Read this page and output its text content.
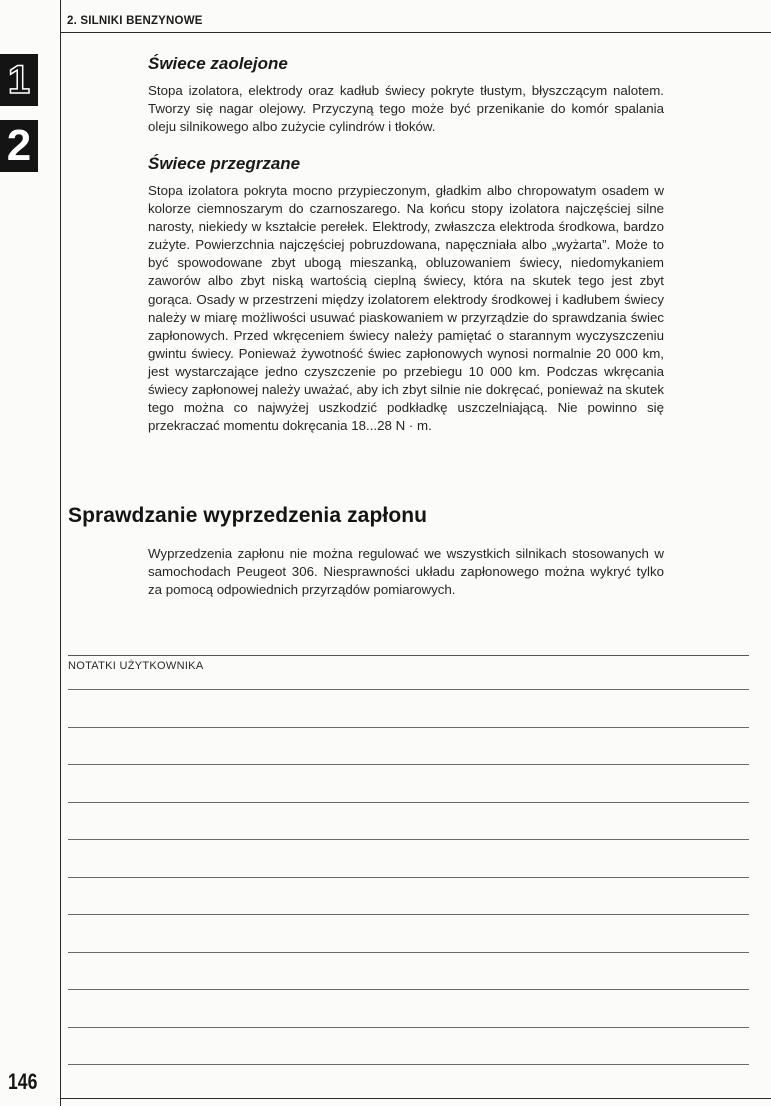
2. SILNIKI BENZYNOWE

1
2
Świece zaolejone

Stopa izolatora, elektrody oraz kadłub świecy pokryte tłustym, błyszczącym nalotem. Tworzy się nagar olejowy. Przyczyną tego może być przenikanie do komór spalania oleju silnikowego albo zużycie cylindrów i tłoków.

Świece przegrzane

Stopa izolatora pokryta mocno przypieczonym, gładkim albo chropowatym osadem w kolorze ciemnoszarym do czarnoszarego. Na końcu stopy izolatora najczęściej silne narosty, niekiedy w kształcie perełek. Elektrody, zwłaszcza elektroda środkowa, bardzo zużyte. Powierzchnia najczęściej pobruzdowana, napęczniała albo „wyżarta”. Może to być spowodowane zbyt ubogą mieszanką, obluzowaniem świecy, niedomykaniem zaworów albo zbyt niską wartością cieplną świecy, która na skutek tego jest zbyt gorąca. Osady w przestrzeni między izolatorem elektrody środkowej i kadłubem świecy należy w miarę możliwości usuwać piaskowaniem w przyrządzie do sprawdzania świec zapłonowych. Przed wkręceniem świecy należy pamiętać o starannym wyczyszczeniu gwintu świecy. Ponieważ żywotność świec zapłonowych wynosi normalnie 20 000 km, jest wystarczające jedno czyszczenie po przebiegu 10 000 km. Podczas wkręcania świecy zapłonowej należy uważać, aby ich zbyt silnie nie dokręcać, ponieważ na skutek tego można co najwyżej uszkodzić podkładkę uszczelniającą. Nie powinno się przekraczać momentu dokręcania 18...28 N · m.

Sprawdzanie wyprzedzenia zapłonu

Wyprzedzenia zapłonu nie można regulować we wszystkich silnikach stosowanych w samochodach Peugeot 306. Niesprawności układu zapłonowego można wykryć tylko za pomocą odpowiednich przyrządów pomiarowych.

NOTATKI UŻYTKOWNIKA

146
